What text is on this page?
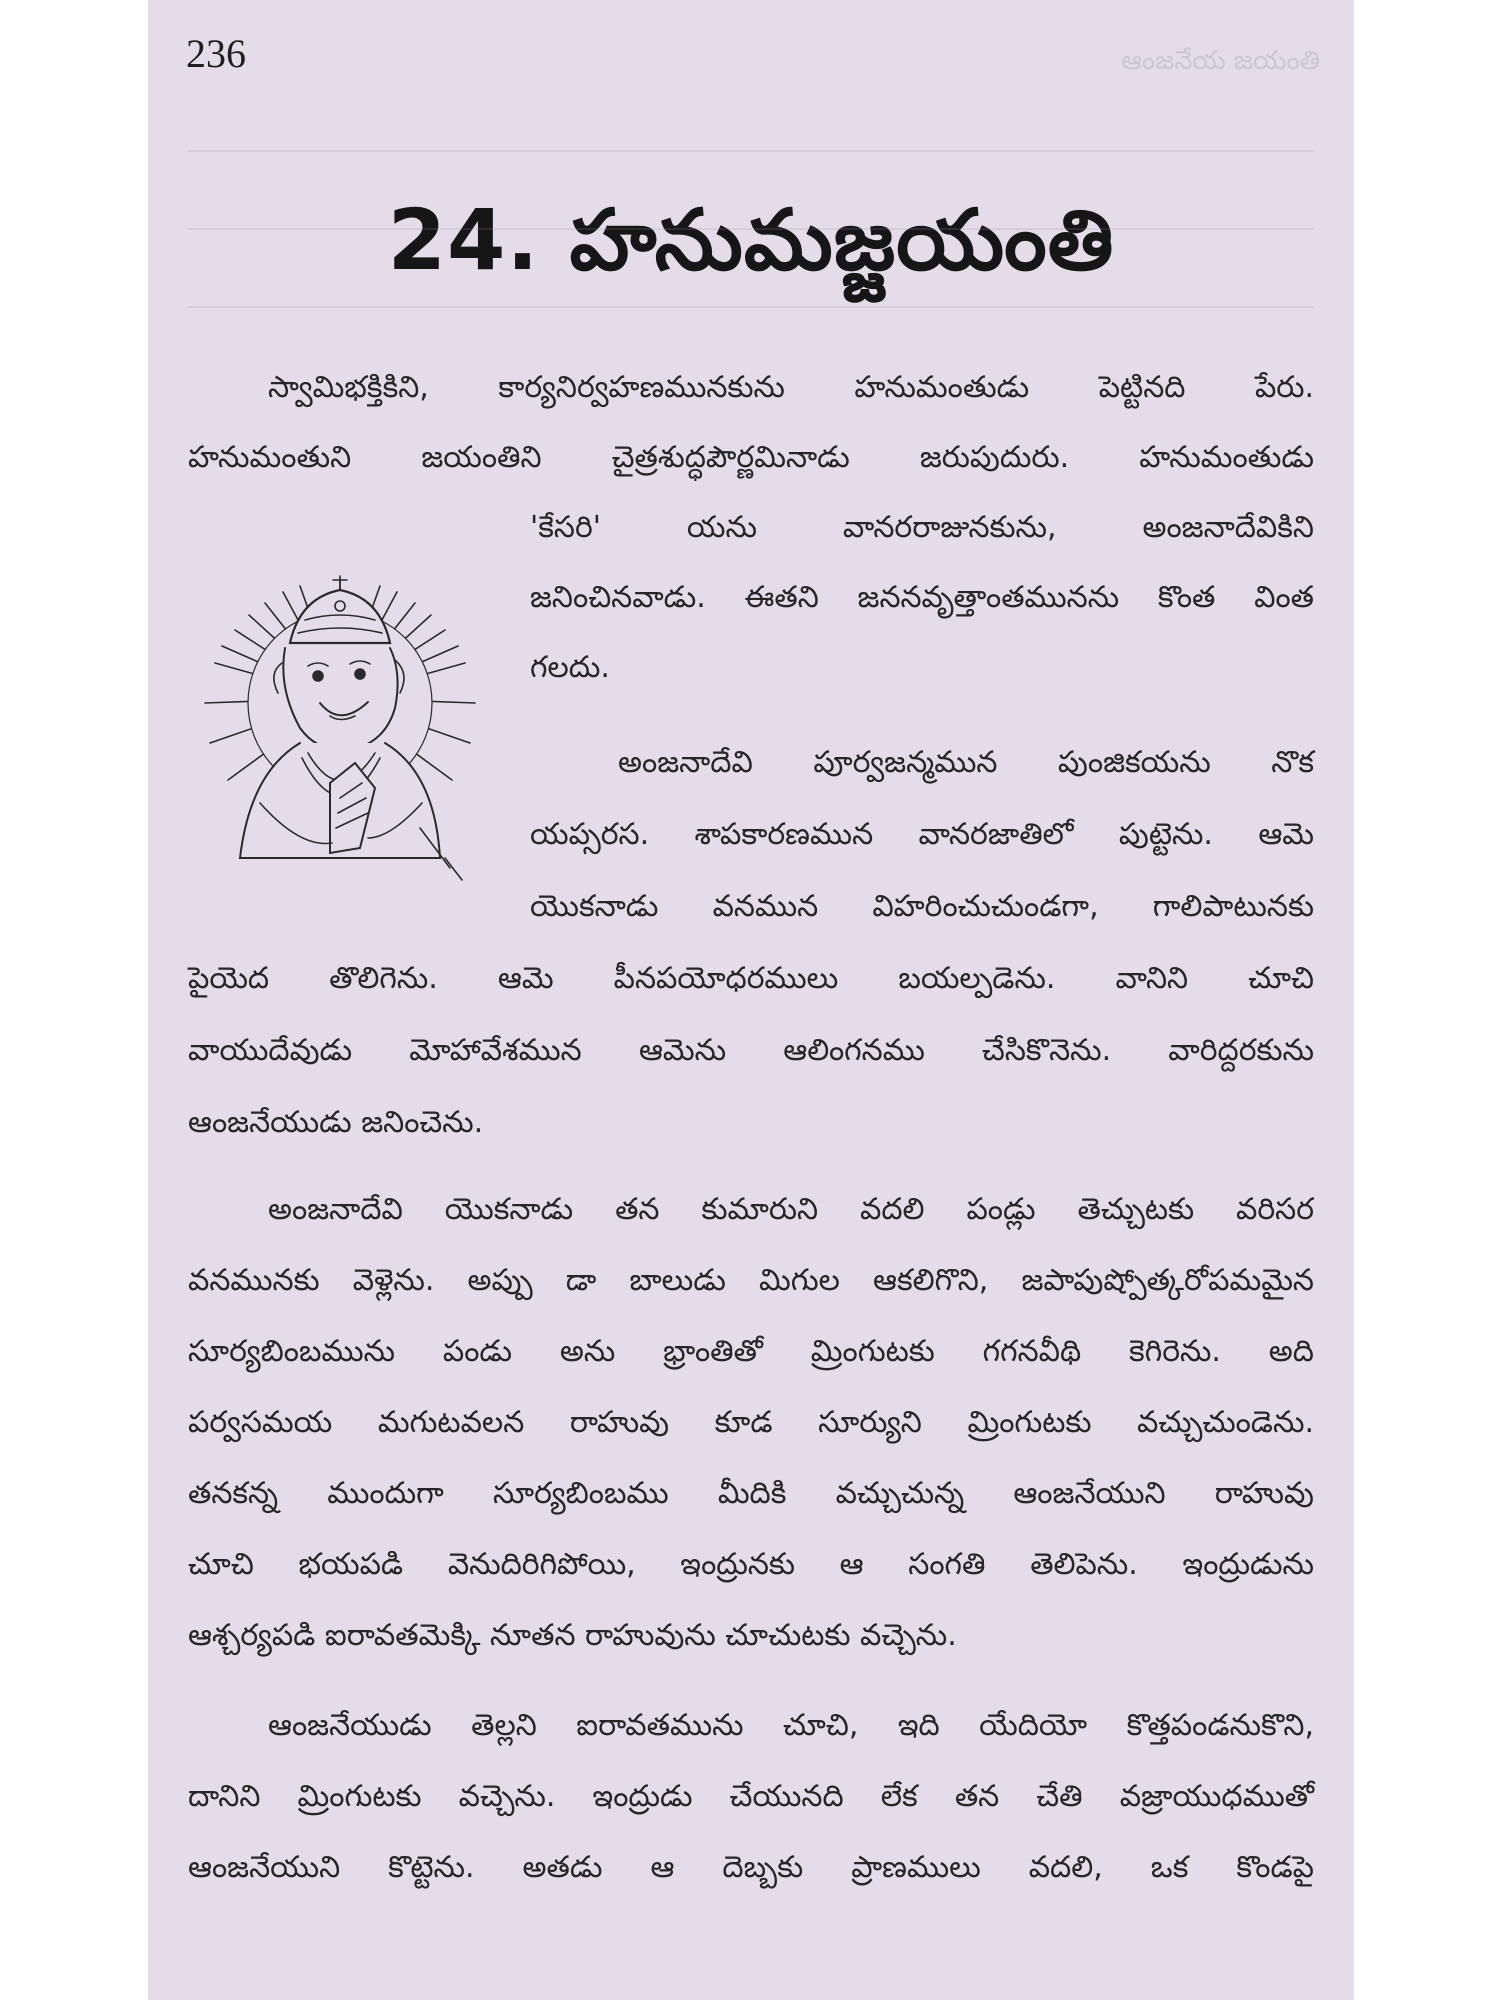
236	ఆంజనేయ జయంతి

24. హనుమజ్జయంతి

స్వామిభక్తికిని, కార్యనిర్వహణమునకును హనుమంతుడు పెట్టినది పేరు.

హనుమంతుని జయంతిని చైత్రశుద్ధపౌర్ణమినాడు జరుపుదురు. హనుమంతుడు

'కేసరి' యను వానరరాజునకును, అంజనాదేవికిని

జనించినవాడు. ఈతని జననవృత్తాంతమునను కొంత వింత

గలదు.

అంజనాదేవి పూర్వజన్మమున పుంజికయను నొక

యప్సరస. శాపకారణమున వానరజాతిలో పుట్టెను. ఆమె

యొకనాడు వనమున విహరించుచుండగా, గాలిపాటునకు

పైయెద తొలిగెను. ఆమె పీనపయోధరములు బయల్పడెను. వానిని చూచి

వాయుదేవుడు మోహావేశమున ఆమెను ఆలింగనము చేసికొనెను. వారిద్దరకును

ఆంజనేయుడు జనించెను.

అంజనాదేవి యొకనాడు తన కుమారుని వదలి పండ్లు తెచ్చుటకు వరిసర

వనమునకు వెళ్లెను. అప్పు డా బాలుడు మిగుల ఆకలిగొని, జపాపుష్పోత్కరోపమమైన

సూర్యబింబమును పండు అను భ్రాంతితో మ్రింగుటకు గగనవీథి కెగిరెను. అది

పర్వసమయ మగుటవలన రాహువు కూడ సూర్యుని మ్రింగుటకు వచ్చుచుండెను.

తనకన్న ముందుగా సూర్యబింబము మీదికి వచ్చుచున్న ఆంజనేయుని రాహువు

చూచి భయపడి వెనుదిరిగిపోయి, ఇంద్రునకు ఆ సంగతి తెలిపెను. ఇంద్రుడును

ఆశ్చర్యపడి ఐరావతమెక్కి నూతన రాహువును చూచుటకు వచ్చెను.

ఆంజనేయుడు తెల్లని ఐరావతమును చూచి, ఇది యేదియో కొత్తపండనుకొని,

దానిని మ్రింగుటకు వచ్చెను. ఇంద్రుడు చేయునది లేక తన చేతి వజ్రాయుధముతో

ఆంజనేయుని కొట్టెను. అతడు ఆ దెబ్బకు ప్రాణములు వదలి, ఒక కొండపై
